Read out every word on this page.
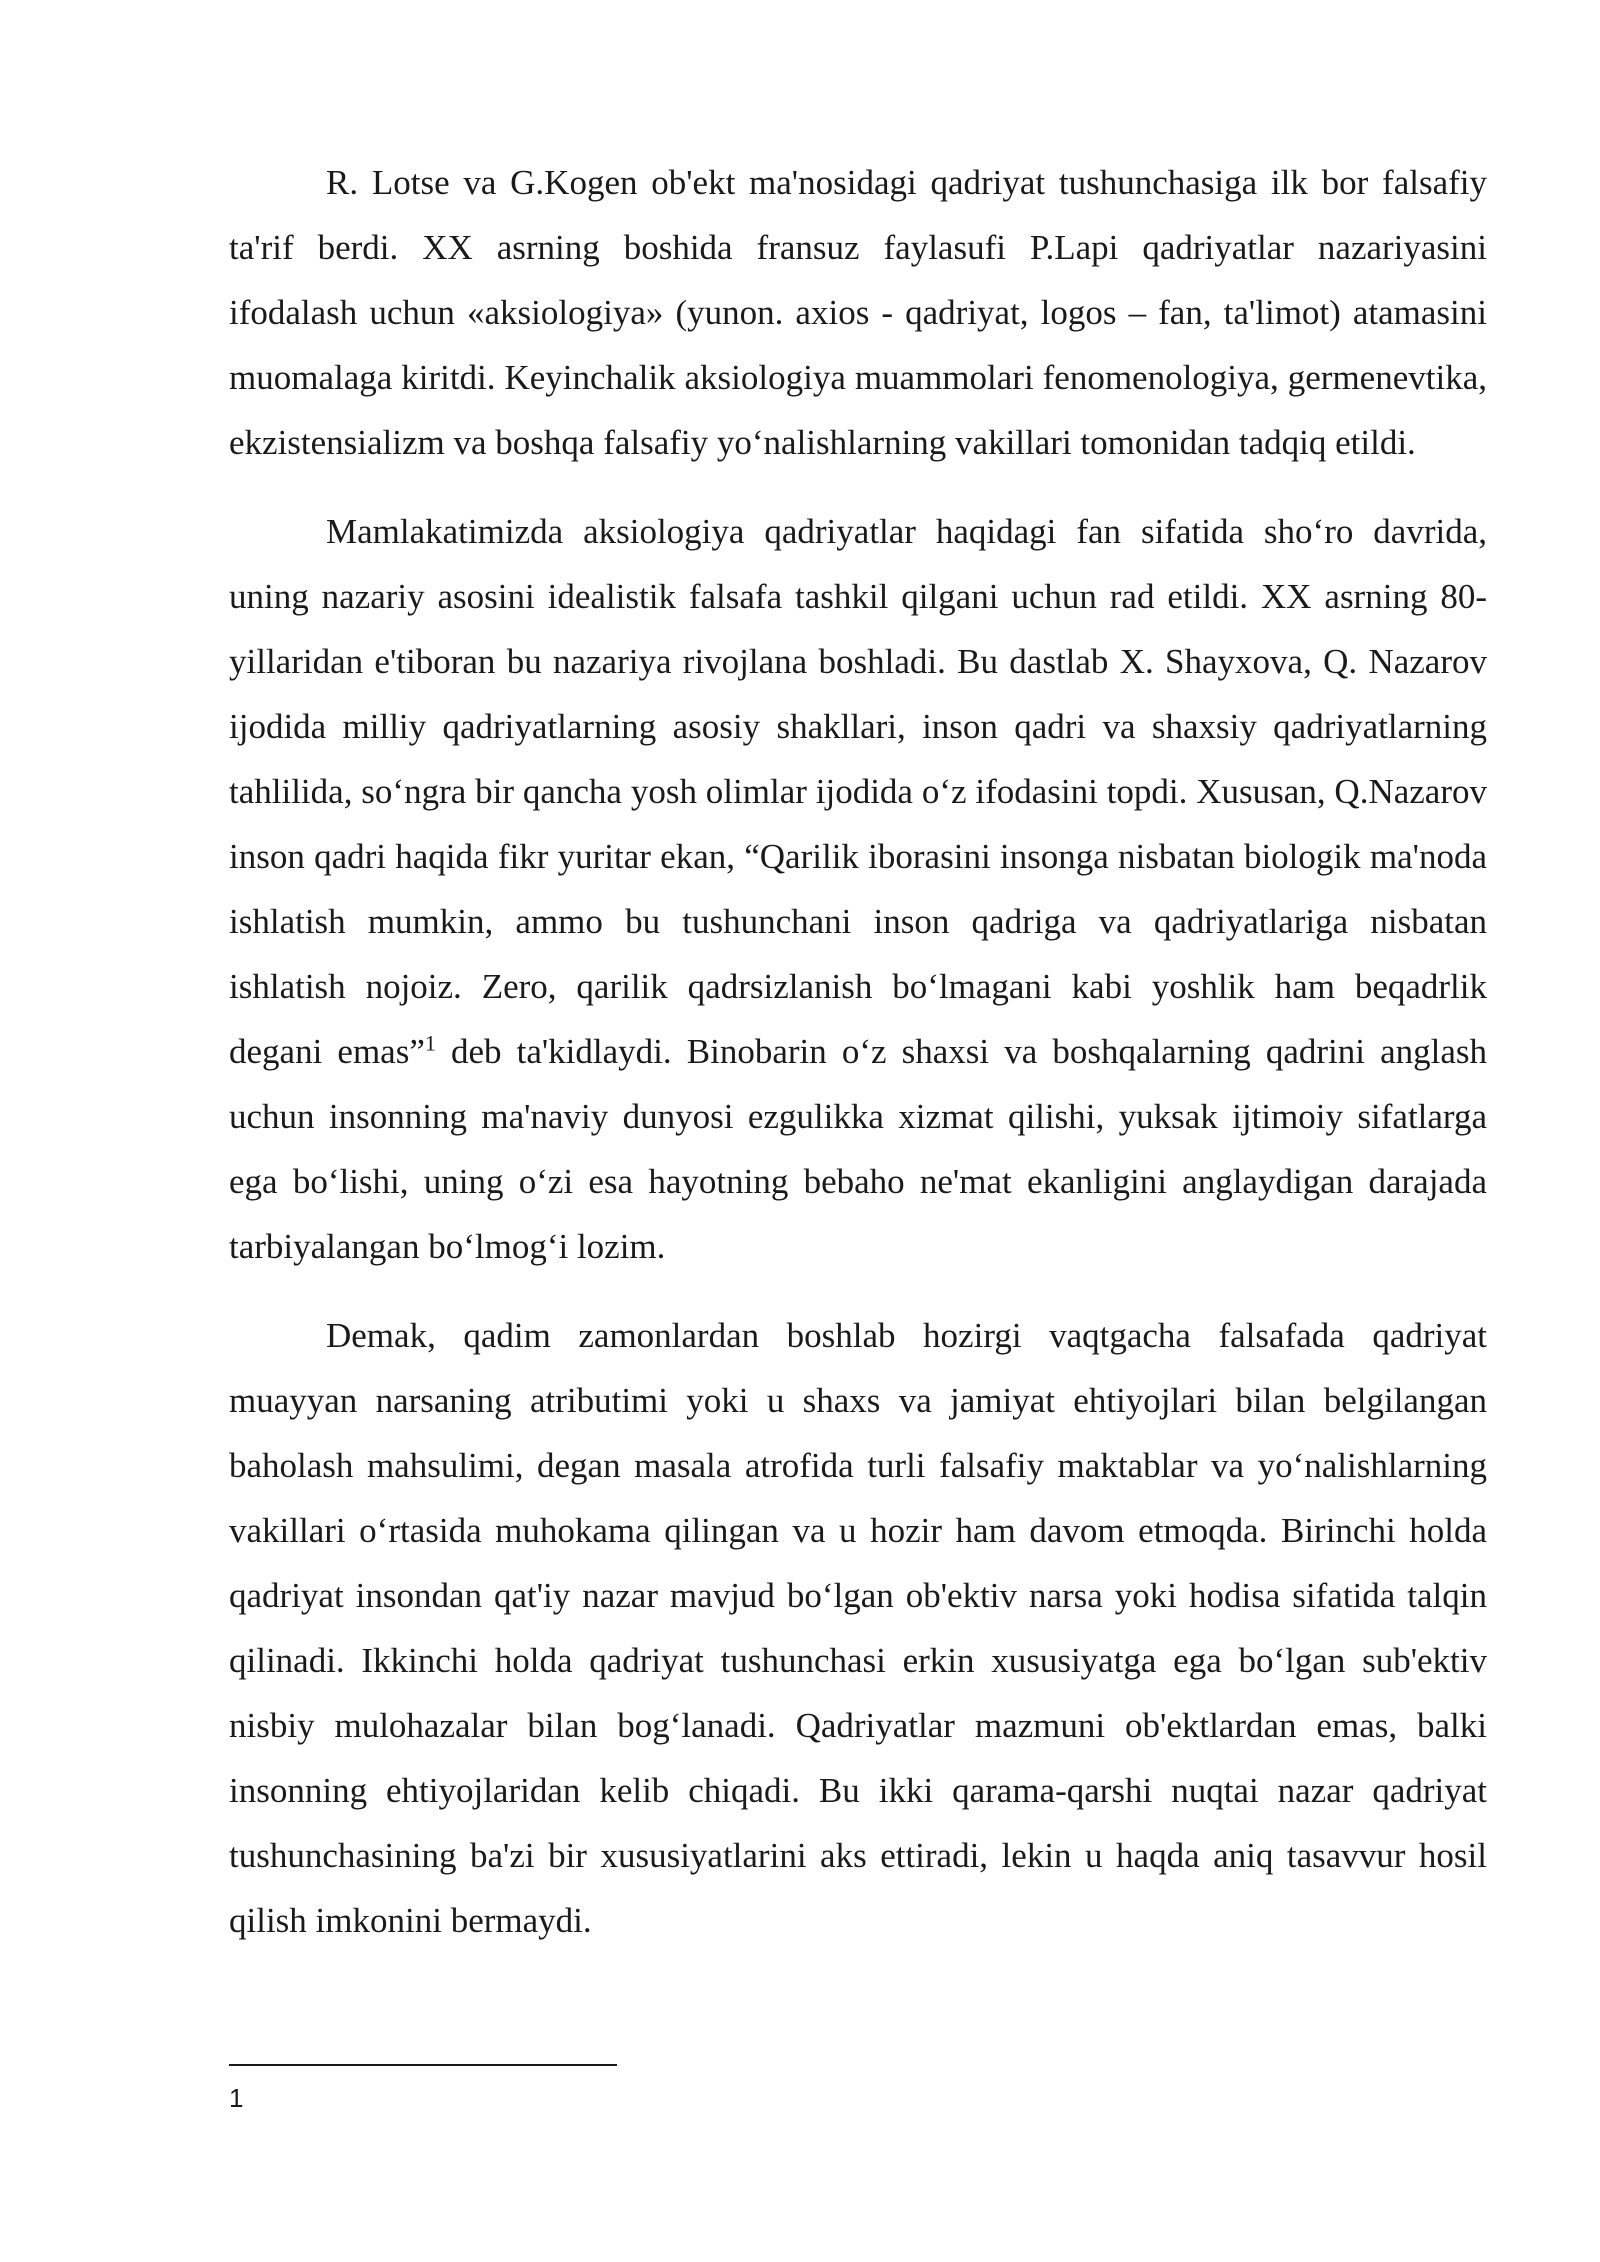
R. Lotse va G.Kogen ob'ekt ma'nosidagi qadriyat tushunchasiga ilk bor falsafiy ta'rif berdi. XX asrning boshida fransuz faylasufi P.Lapi qadriyatlar nazariyasini ifodalash uchun «aksiologiya» (yunon. axios - qadriyat, logos – fan, ta'limot) atamasini muomalaga kiritdi. Keyinchalik aksiologiya muammolari fenomenologiya, germenevtika, ekzistensializm va boshqa falsafiy yo‘nalishlarning vakillari tomonidan tadqiq etildi.

Mamlakatimizda aksiologiya qadriyatlar haqidagi fan sifatida sho‘ro davrida, uning nazariy asosini idealistik falsafa tashkil qilgani uchun rad etildi. XX asrning 80-yillaridan e'tiboran bu nazariya rivojlana boshladi. Bu dastlab X. Shayxova, Q. Nazarov ijodida milliy qadriyatlarning asosiy shakllari, inson qadri va shaxsiy qadriyatlarning tahlilida, so‘ngra bir qancha yosh olimlar ijodida o‘z ifodasini topdi. Xususan, Q.Nazarov inson qadri haqida fikr yuritar ekan, “Qarilik iborasini insonga nisbatan biologik ma'noda ishlatish mumkin, ammo bu tushunchani inson qadriga va qadriyatlariga nisbatan ishlatish nojoiz. Zero, qarilik qadrsizlanish bo‘lmagani kabi yoshlik ham beqadrlik degani emas”$^1$ deb ta'kidlaydi. Binobarin o‘z shaxsi va boshqalarning qadrini anglash uchun insonning ma'naviy dunyosi ezgulikka xizmat qilishi, yuksak ijtimoiy sifatlarga ega bo‘lishi, uning o‘zi esa hayotning bebaho ne'mat ekanligini anglaydigan darajada tarbiyalangan bo‘lmog‘i lozim.

Demak, qadim zamonlardan boshlab hozirgi vaqtgacha falsafada qadriyat muayyan narsaning atributimi yoki u shaxs va jamiyat ehtiyojlari bilan belgilangan baholash mahsulimi, degan masala atrofida turli falsafiy maktablar va yo‘nalishlarning vakillari o‘rtasida muhokama qilingan va u hozir ham davom etmoqda. Birinchi holda qadriyat insondan qat'iy nazar mavjud bo‘lgan ob'ektiv narsa yoki hodisa sifatida talqin qilinadi. Ikkinchi holda qadriyat tushunchasi erkin xususiyatga ega bo‘lgan sub'ektiv nisbiy mulohazalar bilan bog‘lanadi. Qadriyatlar mazmuni ob'ektlardan emas, balki insonning ehtiyojlaridan kelib chiqadi. Bu ikki qarama-qarshi nuqtai nazar qadriyat tushunchasining ba'zi bir xususiyatlarini aks ettiradi, lekin u haqda aniq tasavvur hosil qilish imkonini bermaydi.

1
